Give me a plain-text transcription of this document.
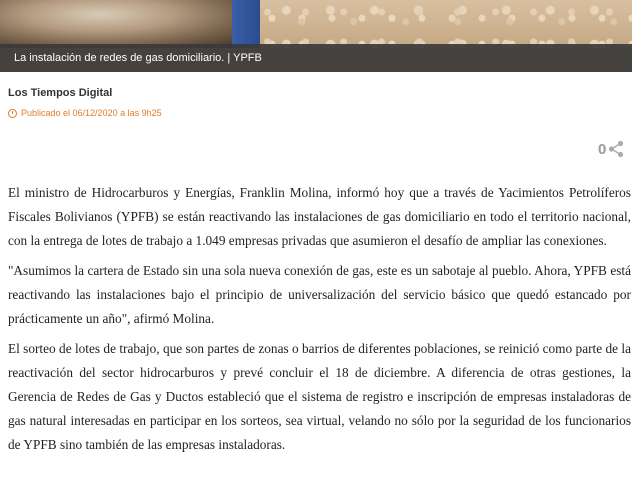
La instalación de redes de gas domiciliario. | YPFB
Los Tiempos Digital
Publicado el 06/12/2020 a las 9h25
0

El ministro de Hidrocarburos y Energías, Franklin Molina, informó hoy que a través de Yacimientos Petrolíferos Fiscales Bolivianos (YPFB) se están reactivando las instalaciones de gas domiciliario en todo el territorio nacional, con la entrega de lotes de trabajo a 1.049 empresas privadas que asumieron el desafío de ampliar las conexiones.

"Asumimos la cartera de Estado sin una sola nueva conexión de gas, este es un sabotaje al pueblo. Ahora, YPFB está reactivando las instalaciones bajo el principio de universalización del servicio básico que quedó estancado por prácticamente un año", afirmó Molina.

El sorteo de lotes de trabajo, que son partes de zonas o barrios de diferentes poblaciones, se reinició como parte de la reactivación del sector hidrocarburos y prevé concluir el 18 de diciembre. A diferencia de otras gestiones, la Gerencia de Redes de Gas y Ductos estableció que el sistema de registro e inscripción de empresas instaladoras de gas natural interesadas en participar en los sorteos, sea virtual, velando no sólo por la seguridad de los funcionarios de YPFB sino también de las empresas instaladoras.
